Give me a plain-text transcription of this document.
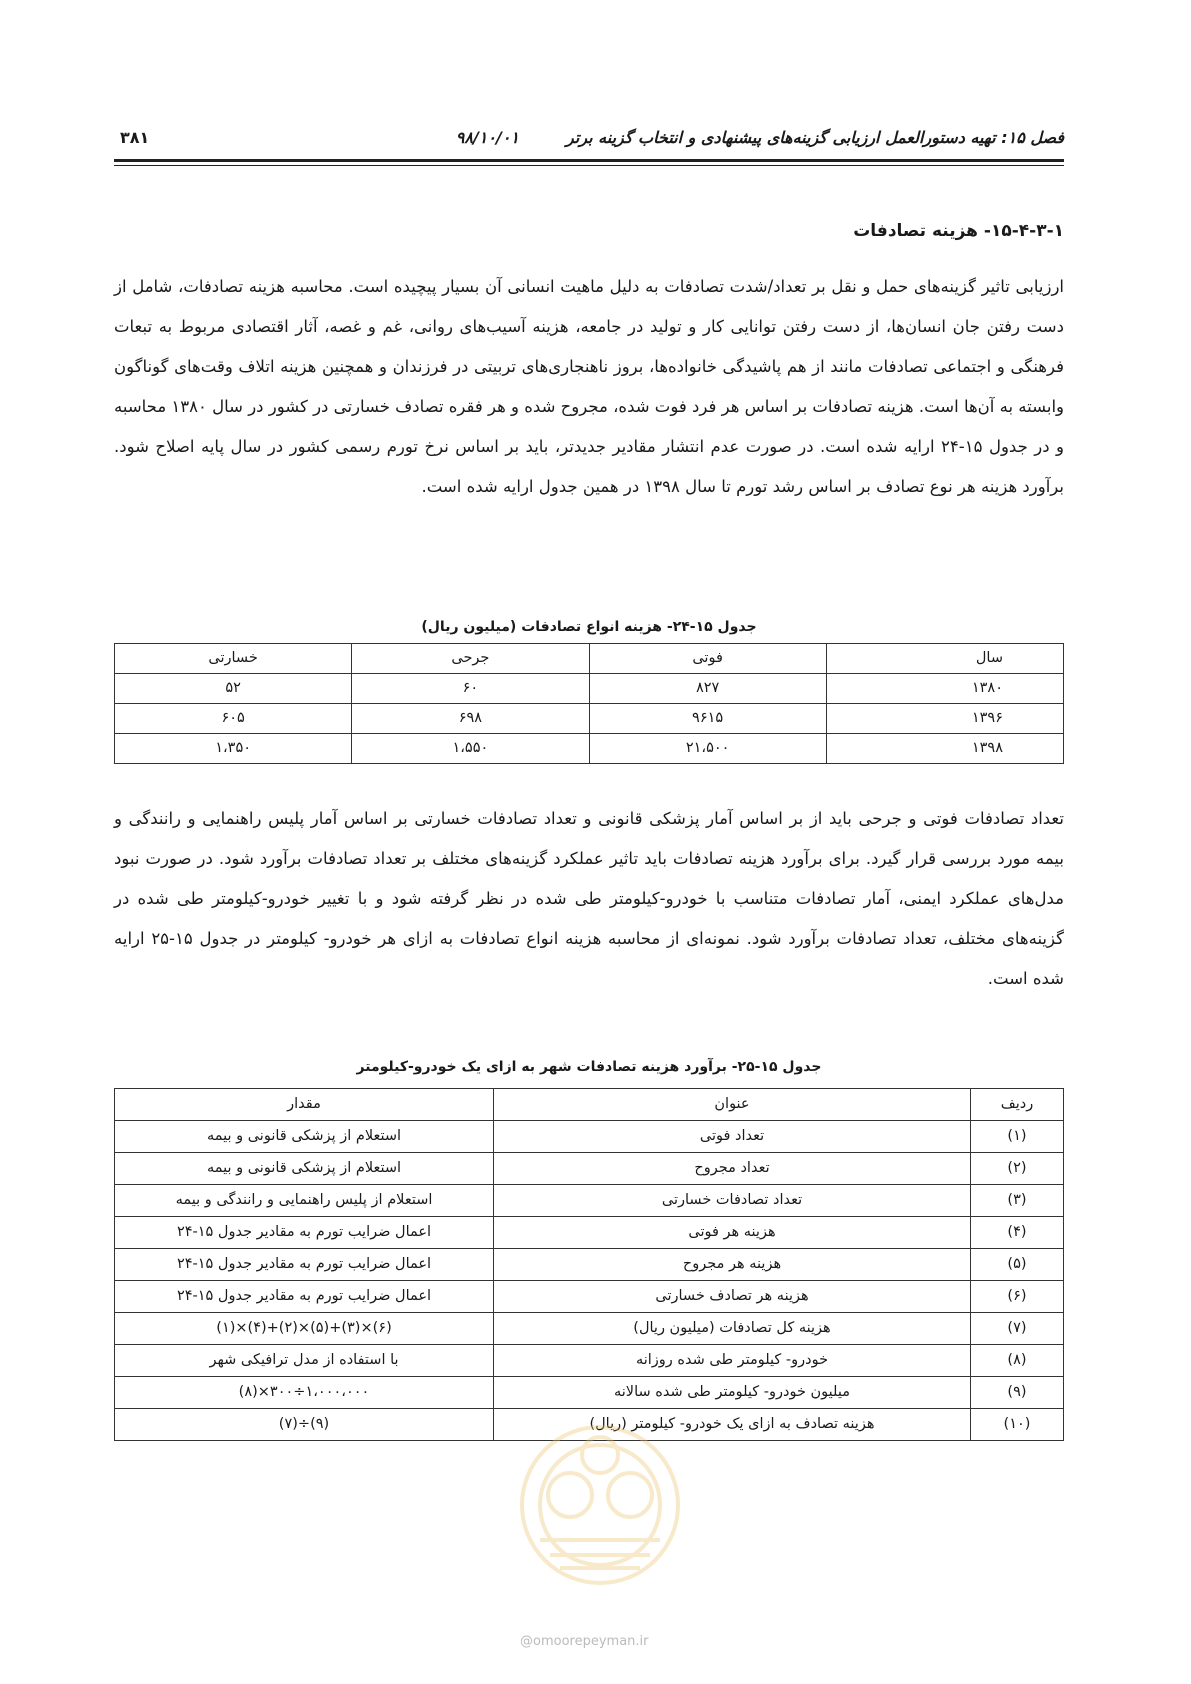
فصل ۱۵: تهیه دستورالعمل ارزیابی گزینه‌های پیشنهادی و انتخاب گزینه برتر
۹۸/۱۰/۰۱
۳۸۱
۱۵-۴-۳-۱- هزینه تصادفات

ارزیابی تاثیر گزینه‌های حمل و نقل بر تعداد/شدت تصادفات به دلیل ماهیت انسانی آن بسیار پیچیده است. محاسبه هزینه تصادفات، شامل از دست رفتن جان انسان‌ها، از دست رفتن توانایی کار و تولید در جامعه، هزینه آسیب‌های روانی، غم و غصه، آثار اقتصادی مربوط به تبعات فرهنگی و اجتماعی تصادفات مانند از هم پاشیدگی خانواده‌ها، بروز ناهنجاری‌های تربیتی در فرزندان و همچنین هزینه اتلاف وقت‌های گوناگون وابسته به آن‌ها است. هزینه تصادفات بر اساس هر فرد فوت شده، مجروح شده و هر فقره تصادف خسارتی در کشور در سال ۱۳۸۰ محاسبه و در جدول ۱۵-۲۴ ارایه شده است. در صورت عدم انتشار مقادیر جدیدتر، باید بر اساس نرخ تورم رسمی کشور در سال پایه اصلاح شود. برآورد هزینه هر نوع تصادف بر اساس رشد تورم تا سال ۱۳۹۸ در همین جدول ارایه شده است.

جدول ۱۵-۲۴- هزینه انواع تصادفات (میلیون ریال)
سال	فوتی	جرحی	خسارتی
۱۳۸۰	۸۲۷	۶۰	۵۲
۱۳۹۶	۹۶۱۵	۶۹۸	۶۰۵
۱۳۹۸	۲۱،۵۰۰	۱،۵۵۰	۱،۳۵۰

تعداد تصادفات فوتی و جرحی باید از بر اساس آمار پزشکی قانونی و تعداد تصادفات خسارتی بر اساس آمار پلیس راهنمایی و رانندگی و بیمه مورد بررسی قرار گیرد. برای برآورد هزینه تصادفات باید تاثیر عملکرد گزینه‌های مختلف بر تعداد تصادفات برآورد شود. در صورت نبود مدل‌های عملکرد ایمنی، آمار تصادفات متناسب با خودرو-کیلومتر طی شده در نظر گرفته شود و با تغییر خودرو-کیلومتر طی شده در گزینه‌های مختلف، تعداد تصادفات برآورد شود. نمونه‌ای از محاسبه هزینه انواع تصادفات به ازای هر خودرو- کیلومتر در جدول ۱۵-۲۵ ارایه شده است.

جدول ۱۵-۲۵- برآورد هزینه تصادفات شهر به ازای یک خودرو-کیلومتر
ردیف	عنوان	مقدار
(۱)	تعداد فوتی	استعلام از پزشکی قانونی و بیمه
(۲)	تعداد مجروح	استعلام از پزشکی قانونی و بیمه
(۳)	تعداد تصادفات خسارتی	استعلام از پلیس راهنمایی و رانندگی و بیمه
(۴)	هزینه هر فوتی	اعمال ضرایب تورم به مقادیر جدول ۱۵-۲۴
(۵)	هزینه هر مجروح	اعمال ضرایب تورم به مقادیر جدول ۱۵-۲۴
(۶)	هزینه هر تصادف خسارتی	اعمال ضرایب تورم به مقادیر جدول ۱۵-۲۴
(۷)	هزینه کل تصادفات (میلیون ریال)	(۶)×(۳)+(۵)×(۲)+(۴)×(۱)
(۸)	خودرو- کیلومتر طی شده روزانه	با استفاده از مدل ترافیکی شهر
(۹)	میلیون خودرو- کیلومتر طی شده سالانه	۱،۰۰۰،۰۰۰÷۳۰۰×(۸)
(۱۰)	هزینه تصادف به ازای یک خودرو- کیلومتر (ریال)	(۹)÷(۷)
@omoorepeyman.ir
